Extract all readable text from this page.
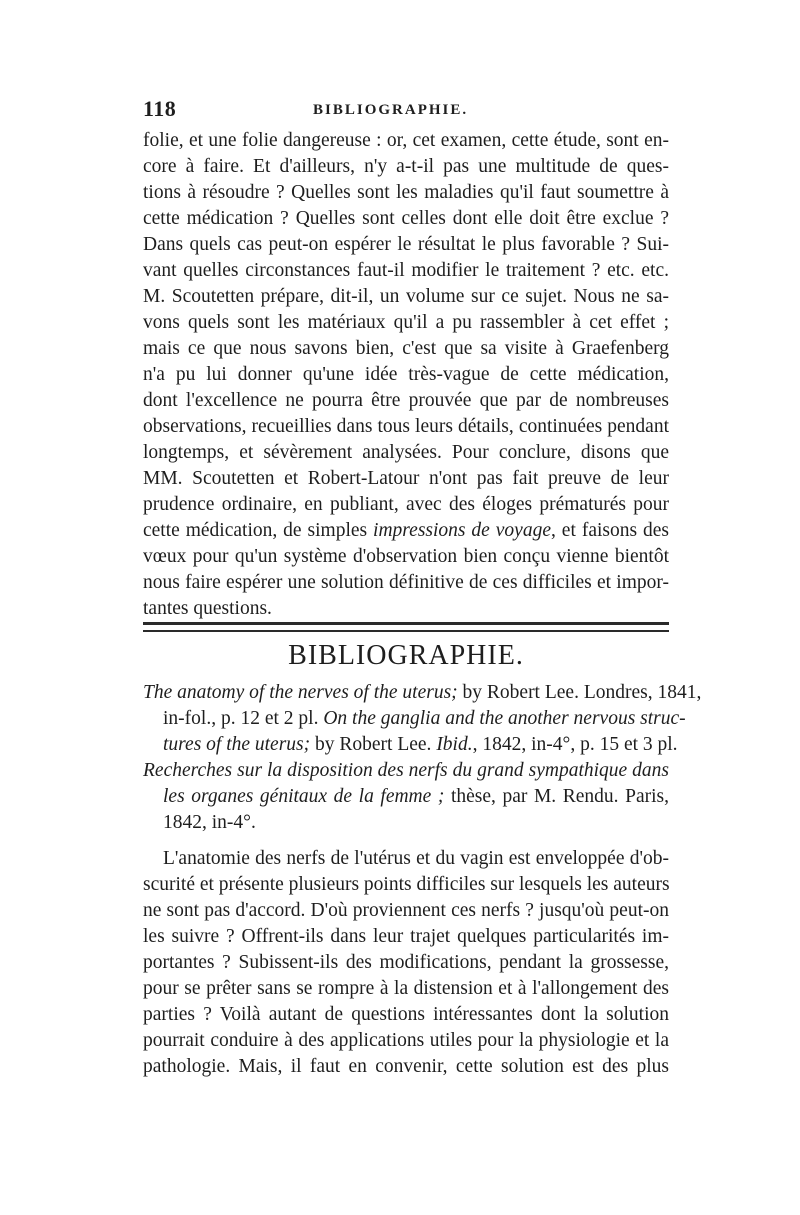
118	BIBLIOGRAPHIE.
folie, et une folie dangereuse : or, cet examen, cette étude, sont en-
core à faire. Et d'ailleurs, n'y a-t-il pas une multitude de ques-
tions à résoudre ? Quelles sont les maladies qu'il faut soumettre à
cette médication ? Quelles sont celles dont elle doit être exclue ?
Dans quels cas peut-on espérer le résultat le plus favorable ? Sui-
vant quelles circonstances faut-il modifier le traitement ? etc. etc.
M. Scoutetten prépare, dit-il, un volume sur ce sujet. Nous ne sa-
vons quels sont les matériaux qu'il a pu rassembler à cet effet ;
mais ce que nous savons bien, c'est que sa visite à Graefenberg
n'a pu lui donner qu'une idée très-vague de cette médication,
dont l'excellence ne pourra être prouvée que par de nombreuses
observations, recueillies dans tous leurs détails, continuées pendant
longtemps, et sévèrement analysées. Pour conclure, disons que
MM. Scoutetten et Robert-Latour n'ont pas fait preuve de leur
prudence ordinaire, en publiant, avec des éloges prématurés pour
cette médication, de simples impressions de voyage, et faisons des
vœux pour qu'un système d'observation bien conçu vienne bientôt
nous faire espérer une solution définitive de ces difficiles et impor-
tantes questions.
BIBLIOGRAPHIE.
The anatomy of the nerves of the uterus; by Robert Lee. Londres, 1841,
in-fol., p. 12 et 2 pl. On the ganglia and the another nervous struc-
tures of the uterus; by Robert Lee. Ibid., 1842, in-4°, p. 15 et 3 pl.
Recherches sur la disposition des nerfs du grand sympathique dans
les organes génitaux de la femme ; thèse, par M. Rendu. Paris,
1842, in-4°.
L'anatomie des nerfs de l'utérus et du vagin est enveloppée d'ob-
scurité et présente plusieurs points difficiles sur lesquels les auteurs
ne sont pas d'accord. D'où proviennent ces nerfs ? jusqu'où peut-on
les suivre ? Offrent-ils dans leur trajet quelques particularités im-
portantes ? Subissent-ils des modifications, pendant la grossesse,
pour se prêter sans se rompre à la distension et à l'allongement des
parties ? Voilà autant de questions intéressantes dont la solution
pourrait conduire à des applications utiles pour la physiologie et la
pathologie. Mais, il faut en convenir, cette solution est des plus
